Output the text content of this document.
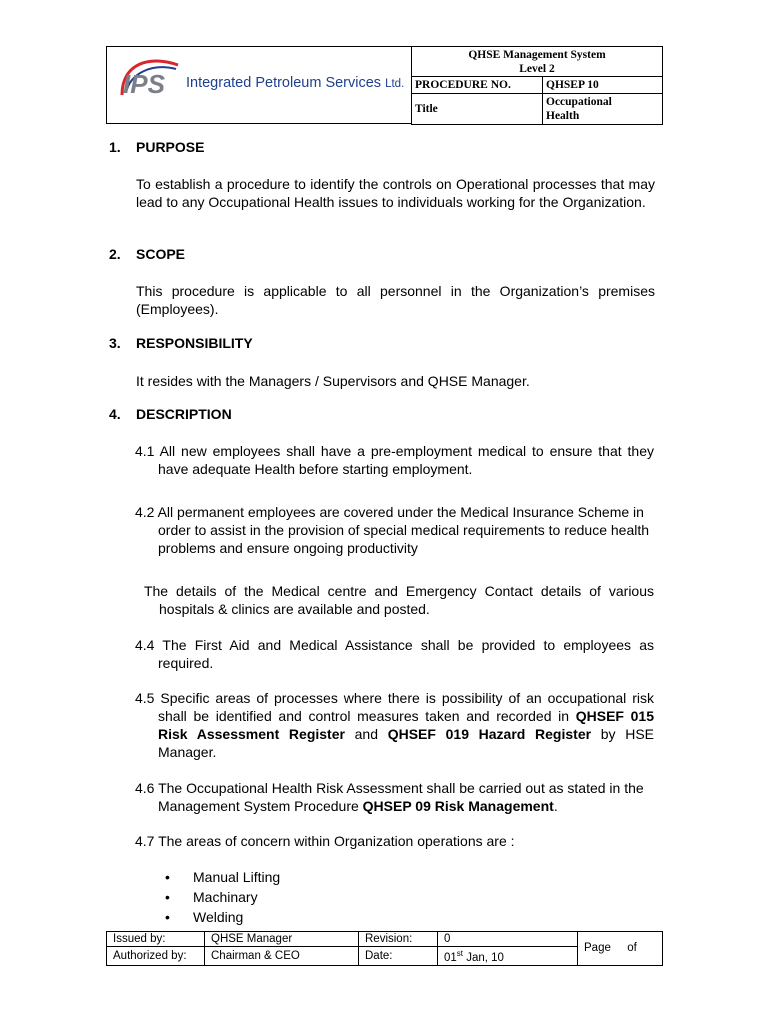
IPS Integrated Petroleum Services Ltd.
QHSE Management System
Level 2	

PROCEDURE NO.	QHSEP 10
Title	Occupational
Health
1. PURPOSE
To establish a procedure to identify the controls on Operational processes that may lead to any Occupational Health issues to individuals working for the Organization.
2. SCOPE
This procedure is applicable to all personnel in the Organization’s premises (Employees).
3. RESPONSIBILITY
It resides with the Managers / Supervisors and QHSE Manager.
4. DESCRIPTION
4.1 All new employees shall have a pre-employment medical to ensure that they have adequate Health before starting employment.
4.2 All permanent employees are covered under the Medical Insurance Scheme in order to assist in the provision of special medical requirements to reduce health problems and ensure ongoing productivity
The details of the Medical centre and Emergency Contact details of various hospitals & clinics are available and posted.
4.4 The First Aid and Medical Assistance shall be provided to employees as required.
4.5 Specific areas of processes where there is possibility of an occupational risk shall be identified and control measures taken and recorded in QHSEF 015 Risk Assessment Register and QHSEF 019 Hazard Register by HSE Manager.
4.6 The Occupational Health Risk Assessment shall be carried out as stated in the Management System Procedure QHSEP 09 Risk Management.
4.7 The areas of concern within Organization operations are :
• Manual Lifting
• Machinary
• Welding
Issued by:	QHSE Manager	Revision:	0	Page of
Authorized by:	Chairman & CEO	Date:	01st Jan, 10	
